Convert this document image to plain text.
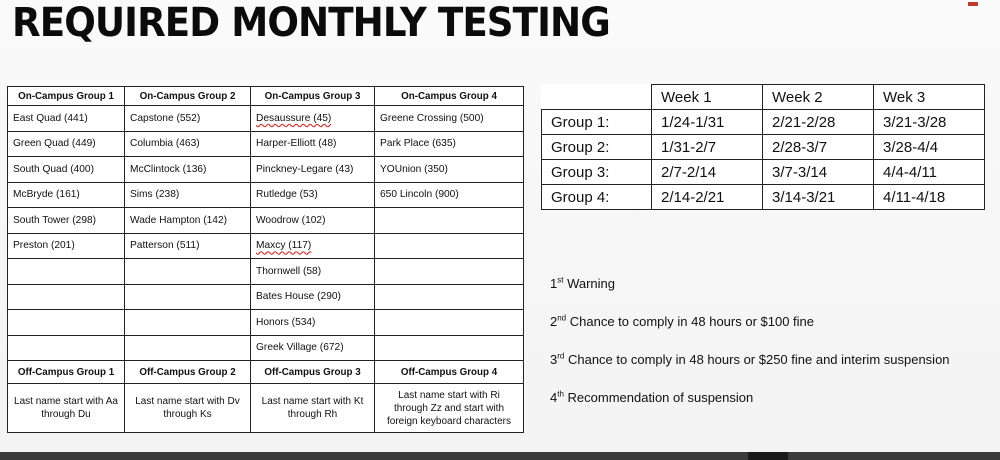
REQUIRED MONTHLY TESTING
On-Campus Group 1	On-Campus Group 2	On-Campus Group 3	On-Campus Group 4
East Quad (441)	Capstone (552)	Desaussure (45)	Greene Crossing (500)
Green Quad (449)	Columbia (463)	Harper-Elliott (48)	Park Place (635)
South Quad (400)	McClintock (136)	Pinckney-Legare (43)	YOUnion (350)
McBryde (161)	Sims (238)	Rutledge (53)	650 Lincoln (900)
South Tower (298)	Wade Hampton (142)	Woodrow (102)	
Preston (201)	Patterson (511)	Maxcy (117)	
		Thornwell (58)	
		Bates House (290)	
		Honors (534)	
		Greek Village (672)	
Off-Campus Group 1	Off-Campus Group 2	Off-Campus Group 3	Off-Campus Group 4
Last name start with Aa through Du	Last name start with Dv through Ks	Last name start with Kt through Rh	Last name start with Ri through Zz and start with foreign keyboard characters
	Week 1	Week 2	Wek 3
Group 1:	1/24-1/31	2/21-2/28	3/21-3/28
Group 2:	1/31-2/7	2/28-3/7	3/28-4/4
Group 3:	2/7-2/14	3/7-3/14	4/4-4/11
Group 4:	2/14-2/21	3/14-3/21	4/11-4/18
1st Warning
2nd Chance to comply in 48 hours or $100 fine
3rd Chance to comply in 48 hours or $250 fine and interim suspension
4th Recommendation of suspension
